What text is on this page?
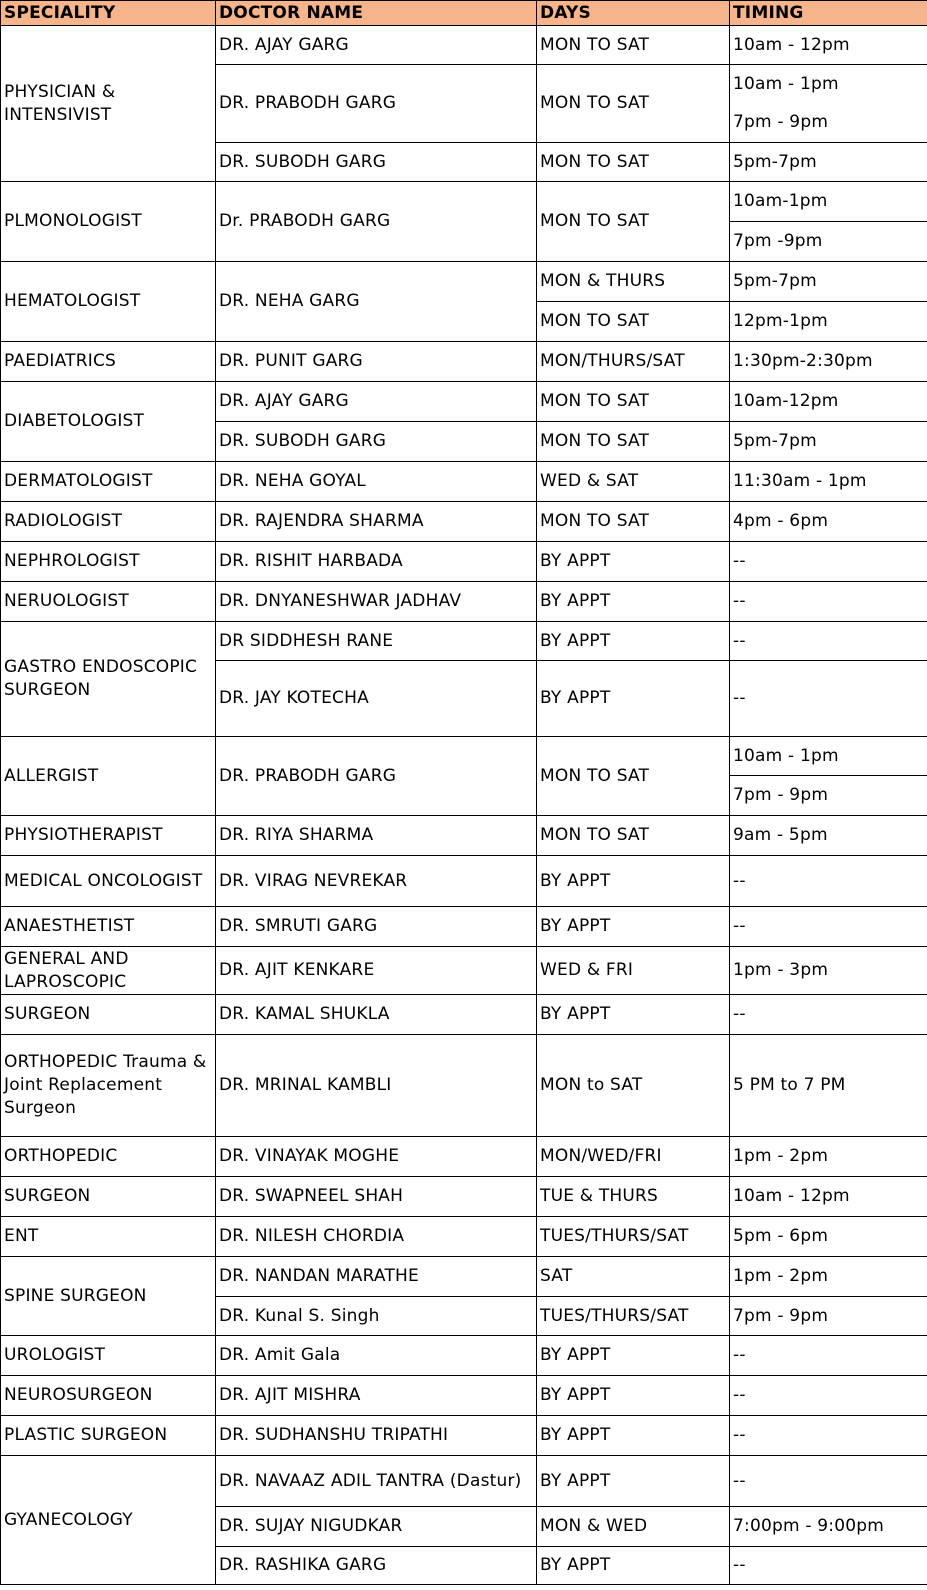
SPECIALITY	DOCTOR NAME	DAYS	TIMING
PHYSICIAN & INTENSIVIST	DR. AJAY GARG	MON TO SAT	10am - 12pm
	DR. PRABODH GARG	MON TO SAT	10am - 1pm
			7pm - 9pm
	DR. SUBODH GARG	MON TO SAT	5pm-7pm
PLMONOLOGIST	Dr. PRABODH GARG	MON TO SAT	10am-1pm
			7pm -9pm
HEMATOLOGIST	DR. NEHA GARG	MON & THURS	5pm-7pm
		MON TO SAT	12pm-1pm
PAEDIATRICS	DR. PUNIT GARG	MON/THURS/SAT	1:30pm-2:30pm
DIABETOLOGIST	DR. AJAY GARG	MON TO SAT	10am-12pm
	DR. SUBODH GARG	MON TO SAT	5pm-7pm
DERMATOLOGIST	DR. NEHA GOYAL	WED & SAT	11:30am - 1pm
RADIOLOGIST	DR. RAJENDRA SHARMA	MON TO SAT	4pm - 6pm
NEPHROLOGIST	DR. RISHIT HARBADA	BY APPT	--
NERUOLOGIST	DR. DNYANESHWAR JADHAV	BY APPT	--
GASTRO ENDOSCOPIC SURGEON	DR SIDDHESH RANE	BY APPT	--
	DR. JAY KOTECHA	BY APPT	--
ALLERGIST	DR. PRABODH GARG	MON TO SAT	10am - 1pm
			7pm - 9pm
PHYSIOTHERAPIST	DR. RIYA SHARMA	MON TO SAT	9am - 5pm
MEDICAL ONCOLOGIST	DR. VIRAG NEVREKAR	BY APPT	--
ANAESTHETIST	DR. SMRUTI GARG	BY APPT	--
GENERAL AND LAPROSCOPIC	DR. AJIT KENKARE	WED & FRI	1pm - 3pm
SURGEON	DR. KAMAL SHUKLA	BY APPT	--
ORTHOPEDIC Trauma & Joint Replacement Surgeon	DR. MRINAL KAMBLI	MON to SAT	5 PM to 7 PM
ORTHOPEDIC	DR. VINAYAK MOGHE	MON/WED/FRI	1pm - 2pm
SURGEON	DR. SWAPNEEL SHAH	TUE & THURS	10am - 12pm
ENT	DR. NILESH CHORDIA	TUES/THURS/SAT	5pm - 6pm
SPINE SURGEON	DR. NANDAN MARATHE	SAT	1pm - 2pm
	DR. Kunal S. Singh	TUES/THURS/SAT	7pm - 9pm
UROLOGIST	DR. Amit Gala	BY APPT	--
NEUROSURGEON	DR. AJIT MISHRA	BY APPT	--
PLASTIC SURGEON	DR. SUDHANSHU TRIPATHI	BY APPT	--
GYANECOLOGY	DR. NAVAAZ ADIL TANTRA (Dastur)	BY APPT	--
	DR. SUJAY NIGUDKAR	MON & WED	7:00pm - 9:00pm
	DR. RASHIKA GARG	BY APPT	--
